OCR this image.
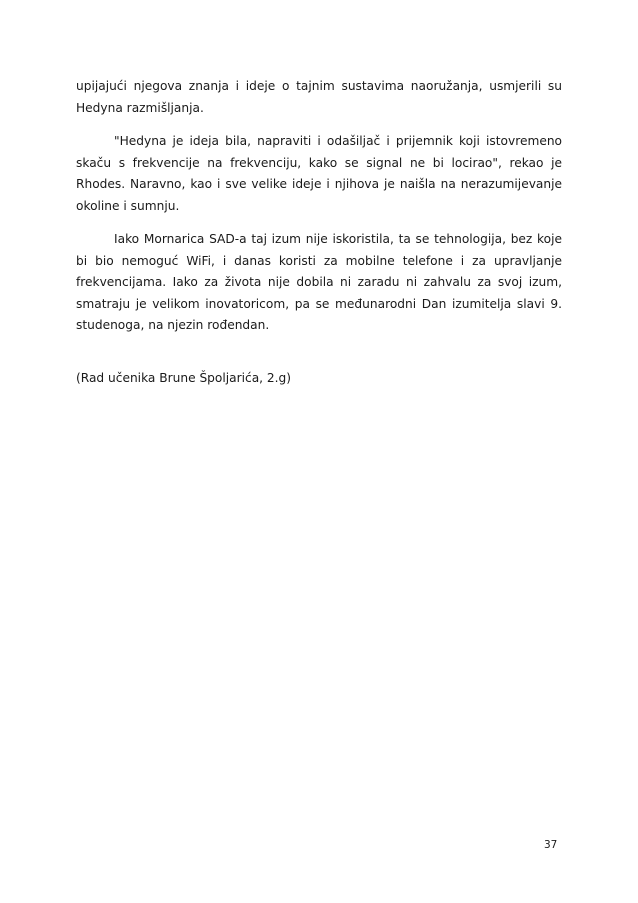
upijajući njegova znanja i ideje o tajnim sustavima naoružanja, usmjerili su Hedyna razmišljanja.

"Hedyna je ideja bila, napraviti i odašiljač i prijemnik koji istovremeno skaču s frekvencije na frekvenciju, kako se signal ne bi locirao", rekao je Rhodes. Naravno, kao i sve velike ideje i njihova je naišla na nerazumijevanje okoline i sumnju.

Iako Mornarica SAD-a taj izum nije iskoristila, ta se tehnologija, bez koje bi bio nemoguć WiFi, i danas koristi za mobilne telefone i za upravljanje frekvencijama. Iako za života nije dobila ni zaradu ni zahvalu za svoj izum, smatraju je velikom inovatoricom, pa se međunarodni Dan izumitelja slavi 9. studenoga, na njezin rođendan.

(Rad učenika Brune Špoljarića, 2.g)

37
